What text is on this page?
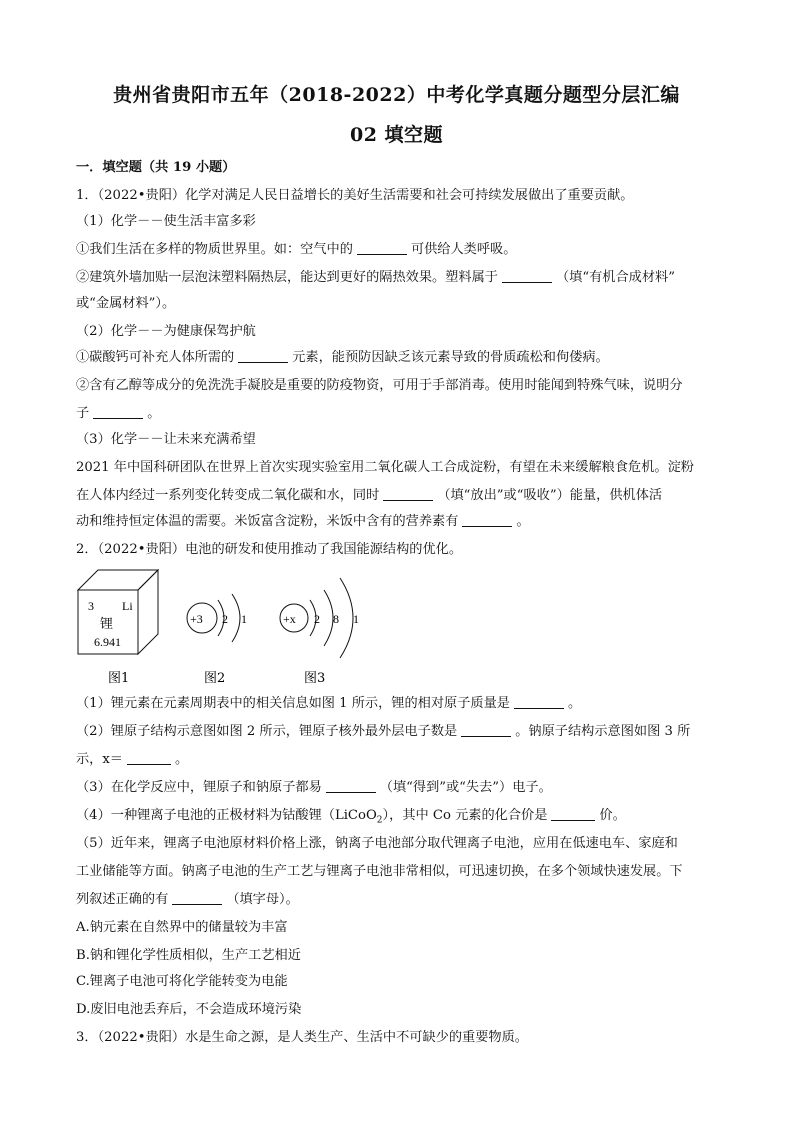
贵州省贵阳市五年（2018-2022）中考化学真题分题型分层汇编
02 填空题
一．填空题（共 19 小题）
1．（2022•贵阳）化学对满足人民日益增长的美好生活需要和社会可持续发展做出了重要贡献。
（1）化学－－使生活丰富多彩
①我们生活在多样的物质世界里。如：空气中的	可供给人类呼吸。
②建筑外墙加贴一层泡沫塑料隔热层，能达到更好的隔热效果。塑料属于	（填“有机合成材料”
或“金属材料”）。
（2）化学－－为健康保驾护航
①碳酸钙可补充人体所需的	元素，能预防因缺乏该元素导致的骨质疏松和佝偻病。
②含有乙醇等成分的免洗洗手凝胶是重要的防疫物资，可用于手部消毒。使用时能闻到特殊气味，说明分
子	。
（3）化学－－让未来充满希望
2021 年中国科研团队在世界上首次实现实验室用二氧化碳人工合成淀粉，有望在未来缓解粮食危机。淀粉
在人体内经过一系列变化转变成二氧化碳和水，同时	（填“放出”或“吸收”）能量，供机体活
动和维持恒定体温的需要。米饭富含淀粉，米饭中含有的营养素有	。
2．（2022•贵阳）电池的研发和使用推动了我国能源结构的优化。
3 Li
锂
6.941
图1
+3 2 1
图2
+x 2 8 1
图3
（1）锂元素在元素周期表中的相关信息如图 1 所示，锂的相对原子质量是	。
（2）锂原子结构示意图如图 2 所示，锂原子核外最外层电子数是	。钠原子结构示意图如图 3 所
示，x＝	。
（3）在化学反应中，锂原子和钠原子都易	（填“得到”或“失去”）电子。
（4）一种锂离子电池的正极材料为钴酸锂（LiCoO$_2$），其中 Co 元素的化合价是	价。
（5）近年来，锂离子电池原材料价格上涨，钠离子电池部分取代锂离子电池，应用在低速电车、家庭和
工业储能等方面。钠离子电池的生产工艺与锂离子电池非常相似，可迅速切换，在多个领域快速发展。下
列叙述正确的有	（填字母）。
A.钠元素在自然界中的储量较为丰富
B.钠和锂化学性质相似，生产工艺相近
C.锂离子电池可将化学能转变为电能
D.废旧电池丢弃后，不会造成环境污染
3．（2022•贵阳）水是生命之源，是人类生产、生活中不可缺少的重要物质。
